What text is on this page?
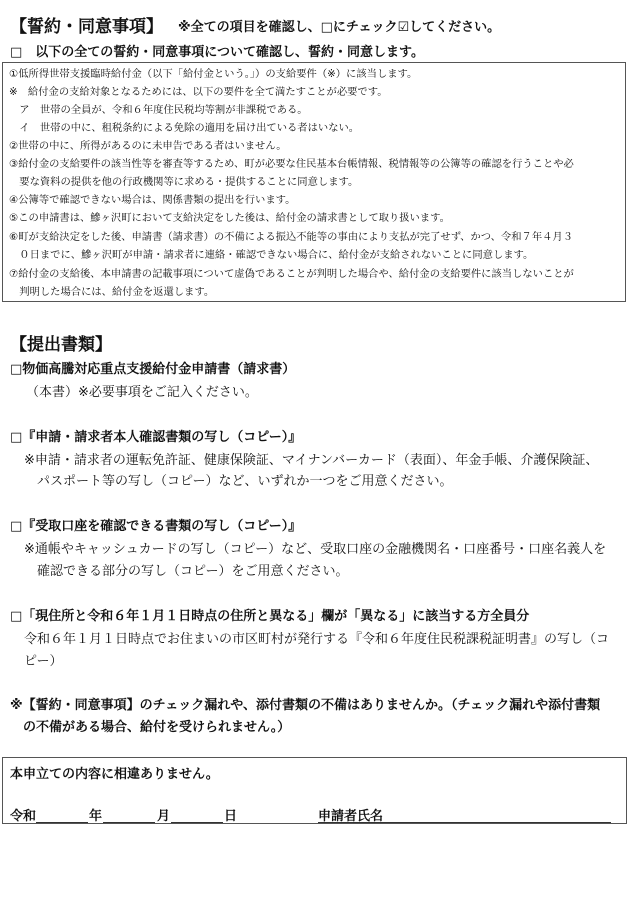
【誓約・同意事項】 ※全ての項目を確認し、□にチェック☑してください。
□　以下の全ての誓約・同意事項について確認し、誓約・同意します。
①低所得世帯支援臨時給付金（以下「給付金という。」）の支給要件（※）に該当します。
※　給付金の支給対象となるためには、以下の要件を全て満たすことが必要です。
　ア　世帯の全員が、令和６年度住民税均等割が非課税である。
　イ　世帯の中に、租税条約による免除の適用を届け出ている者はいない。
②世帯の中に、所得があるのに未申告である者はいません。
③給付金の支給要件の該当性等を審査等するため、町が必要な住民基本台帳情報、税情報等の公簿等の確認を行うことや必
　要な資料の提供を他の行政機関等に求める・提供することに同意します。
④公簿等で確認できない場合は、関係書類の提出を行います。
⑤この申請書は、鰺ヶ沢町において支給決定をした後は、給付金の請求書として取り扱います。
⑥町が支給決定をした後、申請書（請求書）の不備による振込不能等の事由により支払が完了せず、かつ、令和７年４月３
　０日までに、鰺ヶ沢町が申請・請求者に連絡・確認できない場合に、給付金が支給されないことに同意します。
⑦給付金の支給後、本申請書の記載事項について虚偽であることが判明した場合や、給付金の支給要件に該当しないことが
　判明した場合には、給付金を返還します。
【提出書類】
□物価高騰対応重点支援給付金申請書（請求書）
（本書）※必要事項をご記入ください。
□『申請・請求者本人確認書類の写し（コピー）』
※申請・請求者の運転免許証、健康保険証、マイナンバーカード（表面）、年金手帳、介護保険証、
　パスポート等の写し（コピー）など、いずれか一つをご用意ください。
□『受取口座を確認できる書類の写し（コピー）』
※通帳やキャッシュカードの写し（コピー）など、受取口座の金融機関名・口座番号・口座名義人を
　確認できる部分の写し（コピー）をご用意ください。
□「現住所と令和６年１月１日時点の住所と異なる」欄が「異なる」に該当する方全員分
令和６年１月１日時点でお住まいの市区町村が発行する『令和６年度住民税課税証明書』の写し（コ
ピー）
※【誓約・同意事項】のチェック漏れや、添付書類の不備はありませんか。（チェック漏れや添付書類
　の不備がある場合、給付を受けられません。）
本申立ての内容に相違ありません。
令和	年	月	日	申請者氏名
